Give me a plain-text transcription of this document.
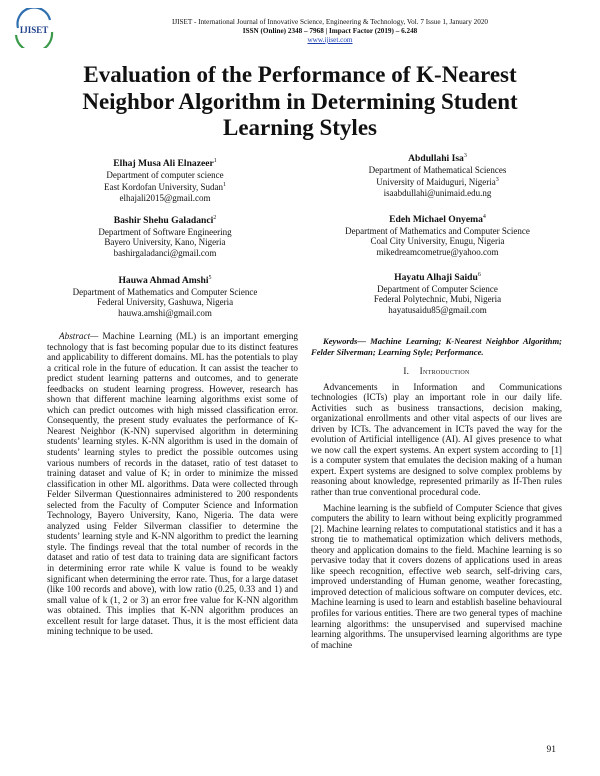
IJISET
IJISET - International Journal of Innovative Science, Engineering & Technology, Vol. 7 Issue 1, January 2020
ISSN (Online) 2348 – 7968 | Impact Factor (2019) – 6.248
www.ijiset.com
Evaluation of the Performance of K-Nearest Neighbor Algorithm in Determining Student Learning Styles
Elhaj Musa Ali Elnazeer$^1$
Department of computer science
East Kordofan University, Sudan$^1$
elhajali2015@gmail.com
Abdullahi Isa$^3$
Department of Mathematical Sciences
University of Maiduguri, Nigeria$^3$
isaabdullahi@unimaid.edu.ng
Bashir Shehu Galadanci$^2$
Department of Software Engineering
Bayero University, Kano, Nigeria
bashirgaladanci@gmail.com
Edeh Michael Onyema$^4$
Department of Mathematics and Computer Science
Coal City University, Enugu, Nigeria
mikedreamcometrue@yahoo.com
Hauwa Ahmad Amshi$^5$
Department of Mathematics and Computer Science
Federal University, Gashuwa, Nigeria
hauwa.amshi@gmail.com
Hayatu Alhaji Saidu$^6$
Department of Computer Science
Federal Polytechnic, Mubi, Nigeria
hayatusaidu85@gmail.com

Abstract— Machine Learning (ML) is an important emerging technology that is fast becoming popular due to its distinct features and applicability to different domains. ML has the potentials to play a critical role in the future of education. It can assist the teacher to predict student learning patterns and outcomes, and to generate feedbacks on student learning progress. However, research has shown that different machine learning algorithms exist some of which can predict outcomes with high missed classification error. Consequently, the present study evaluates the performance of K-Nearest Neighbor (K-NN) supervised algorithm in determining students’ learning styles. K-NN algorithm is used in the domain of students’ learning styles to predict the possible outcomes using various numbers of records in the dataset, ratio of test dataset to training dataset and value of K; in order to minimize the missed classification in other ML algorithms. Data were collected through Felder Silverman Questionnaires administered to 200 respondents selected from the Faculty of Computer Science and Information Technology, Bayero University, Kano, Nigeria. The data were analyzed using Felder Silverman classifier to determine the students’ learning style and K-NN algorithm to predict the learning style. The findings reveal that the total number of records in the dataset and ratio of test data to training data are significant factors in determining error rate while K value is found to be weakly significant when determining the error rate. Thus, for a large dataset (like 100 records and above), with low ratio (0.25, 0.33 and 1) and small value of k (1, 2 or 3) an error free value for K-NN algorithm was obtained. This implies that K-NN algorithm produces an excellent result for large dataset. Thus, it is the most efficient data mining technique to be used.

Keywords— Machine Learning; K-Nearest Neighbor Algorithm; Felder Silverman; Learning Style; Performance.

I. Introduction

Advancements in Information and Communications technologies (ICTs) play an important role in our daily life. Activities such as business transactions, decision making, organizational enrollments and other vital aspects of our lives are driven by ICTs. The advancement in ICTs paved the way for the evolution of Artificial intelligence (AI). AI gives presence to what we now call the expert systems. An expert system according to [1] is a computer system that emulates the decision making of a human expert. Expert systems are designed to solve complex problems by reasoning about knowledge, represented primarily as If-Then rules rather than true conventional procedural code.

Machine learning is the subfield of Computer Science that gives computers the ability to learn without being explicitly programmed [2]. Machine learning relates to computational statistics and it has a strong tie to mathematical optimization which delivers methods, theory and application domains to the field. Machine learning is so pervasive today that it covers dozens of applications used in areas like speech recognition, effective web search, self-driving cars, improved understanding of Human genome, weather forecasting, improved detection of malicious software on computer devices, etc. Machine learning is used to learn and establish baseline behavioural profiles for various entities. There are two general types of machine learning algorithms: the unsupervised and supervised machine learning algorithms. The unsupervised learning algorithms are type of machine

91
